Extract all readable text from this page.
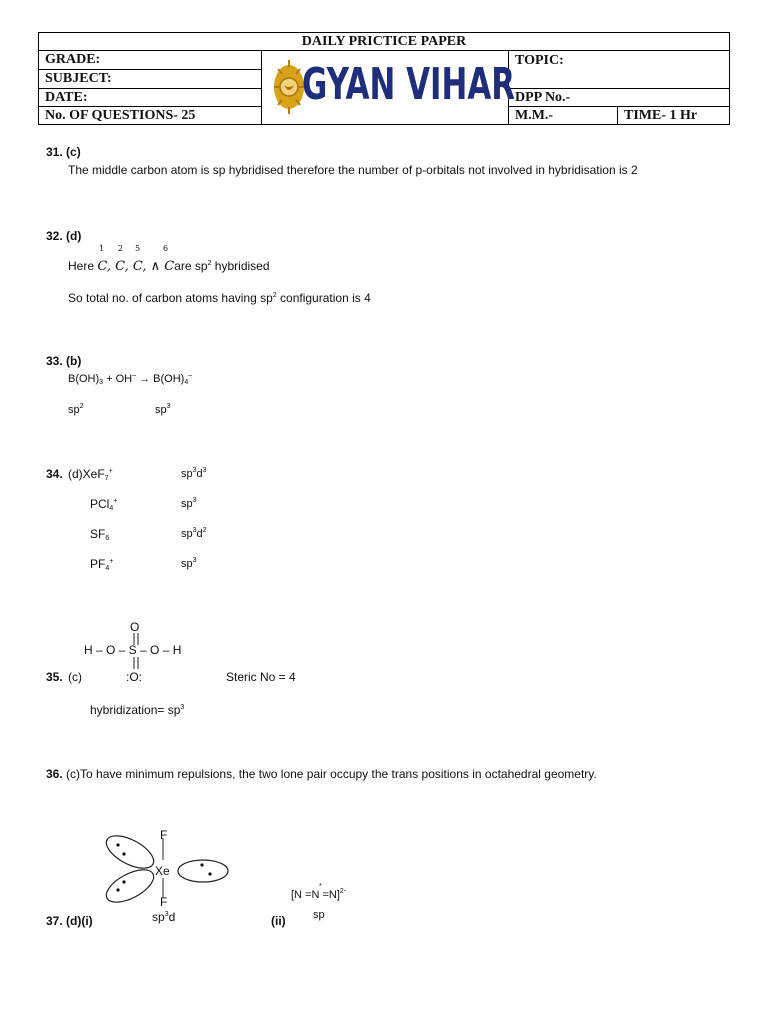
DAILY PRICTICE PAPER
GRADE:
SUBJECT:
DATE:
No. OF QUESTIONS- 25
TOPIC:
DPP No.-
M.M.-	TIME- 1 Hr
GYAN VIHAR
31. (c)
The middle carbon atom is sp hybridised therefore the number of p-orbitals not involved in hybridisation is 2
32. (d)
1 2 5	6
Here C, C, C, ∧ Care $sp^2$ hybridised
So total no. of carbon atoms having $sp^2$ configuration is 4
33. (b)
$B(OH)_3 + OH^- \to B(OH)_4^-$
$sp^2$	$sp^3$
34. (d)XeF$_7$+	$sp^3d^3$
PCl$_4$+	$sp^3$
$SF_6$	$sp^3d^2$
$PF_4^+$	$sp^3$
O
H – O – S – O – H
35. (c)	:O:	Steric No = 4
hybridization= $sp^3$
36. (c)To have minimum repulsions, the two lone pair occupy the trans positions in octahedral geometry.
F
Xe
F
$sp^3d$
37. (d)(i)	(ii)
*
[N =N =N]$^{2-}$
sp
